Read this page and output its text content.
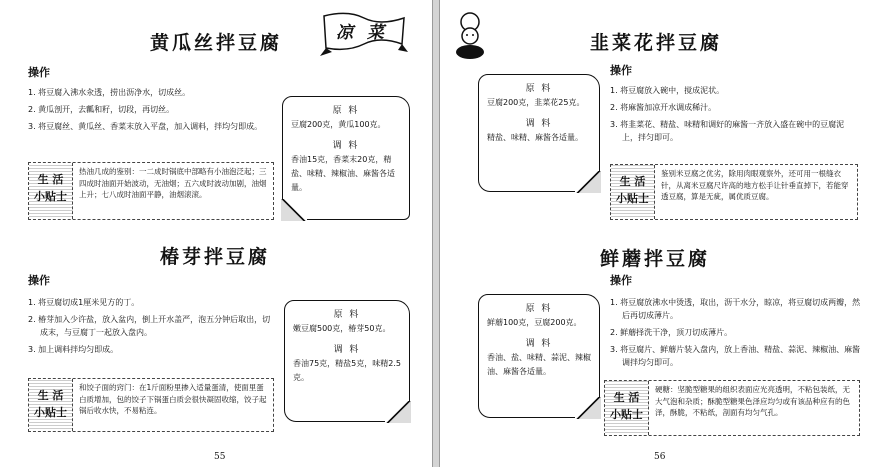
凉 菜
黄瓜丝拌豆腐
操作
1. 将豆腐入沸水汆透，捞出沥净水，切成丝。
2. 黄瓜剖开，去瓤和籽，切段，再切丝。
3. 将豆腐丝、黄瓜丝、香菜末放入平盘，加入调料，拌均匀即成。
原 料
豆腐200克，黄瓜100克。
调 料
香油15克，香菜末20克，精盐、味精、辣椒油、麻酱各适量。
生 活
小贴士
热油几成的鉴别：一二成时锅底中部略有小油泡泛起；三四成时油面开始波动，无油烟；五六成时波动加剧，油烟上升；七八成时油面平静，油烟滚滚。
椿芽拌豆腐
操作
1. 将豆腐切成1厘米见方的丁。
2. 椿芽加入少许盐，放入盆内，倒上开水盖严，泡五分钟后取出，切成末，与豆腐丁一起放入盘内。
3. 加上调料拌均匀即成。
原 料
嫩豆腐500克，椿芽50克。
调 料
香油75克，精盐5克，味精2.5克。
生 活
小贴士
和饺子面的窍门：在1斤面粉里掺入适量蛋清，使面里蛋白质增加，包的饺子下锅蛋白质会很快凝固收缩，饺子起锅后收水快，不易粘连。
55
韭菜花拌豆腐
操作
1. 将豆腐放入碗中，搅成泥状。
2. 将麻酱加凉开水调成稀汁。
3. 将韭菜花、精盐、味精和调好的麻酱一齐放入盛在碗中的豆腐泥上，拌匀即可。
原 料
豆腐200克，韭菜花25克。
调 料
精盐、味精、麻酱各适量。
生 活
小贴士
鉴别米豆腐之优劣，除用肉眼观察外，还可用一根缝衣针，从离米豆腐尺许高的地方松手让针垂直掉下，若能穿透豆腐，算是无疵，属优质豆腐。
鲜蘑拌豆腐
操作
1. 将豆腐放沸水中烫透，取出，沥干水分，晾凉，将豆腐切成两瓣，然后再切成薄片。
2. 鲜蘑择洗干净，顶刀切成薄片。
3. 将豆腐片、鲜蘑片装入盘内，放上香油、精盐、蒜泥、辣椒油、麻酱调拌均匀即可。
原 料
鲜蘑100克，豆腐200克。
调 料
香油、盐、味精、蒜泥、辣椒油、麻酱各适量。
生 活
小贴士
硬糖：坚脆型糖果的组织表面应光亮透明，不粘包装纸，无大气泡和杂质；酥脆型糖果色泽应均匀或有该品种应有的色泽，酥脆，不粘纸，剖面有均匀气孔。
56
